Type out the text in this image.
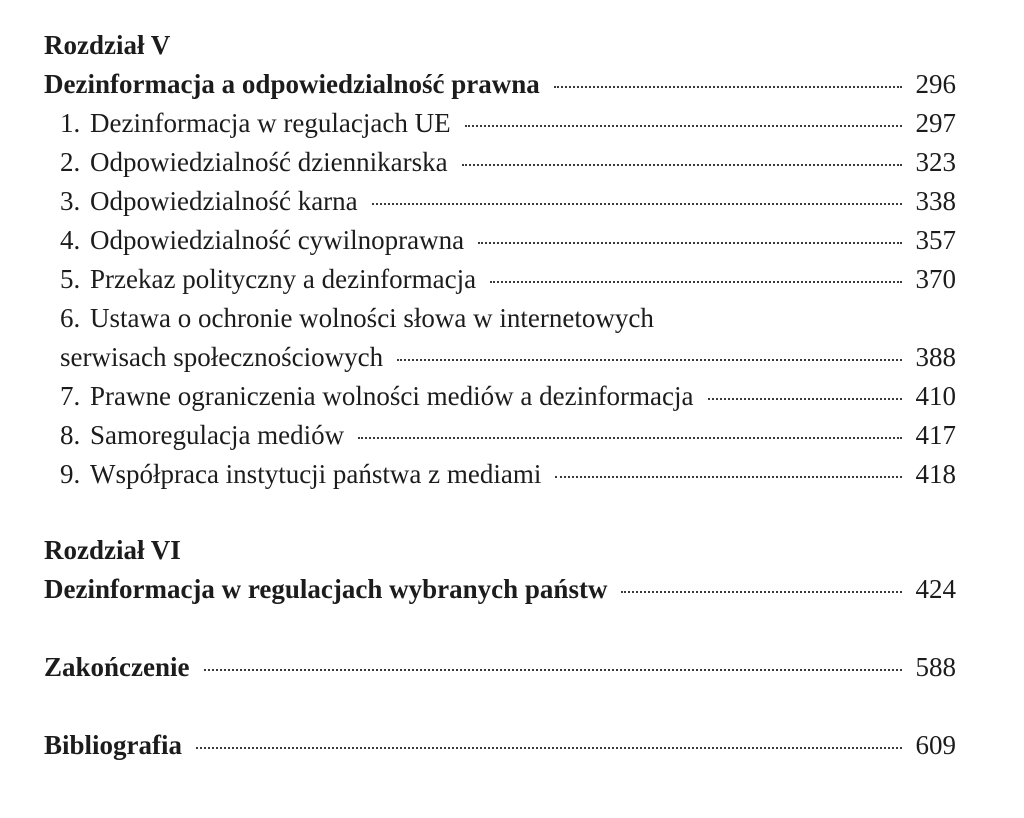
Rozdział V
Dezinformacja a odpowiedzialność prawna	296
1. Dezinformacja w regulacjach UE	297
2. Odpowiedzialność dziennikarska	323
3. Odpowiedzialność karna	338
4. Odpowiedzialność cywilnoprawna	357
5. Przekaz polityczny a dezinformacja	370
6. Ustawa o ochronie wolności słowa w internetowych
serwisach społecznościowych	388
7. Prawne ograniczenia wolności mediów a dezinformacja	410
8. Samoregulacja mediów	417
9. Współpraca instytucji państwa z mediami	418
Rozdział VI
Dezinformacja w regulacjach wybranych państw	424
Zakończenie	588
Bibliografia	609
